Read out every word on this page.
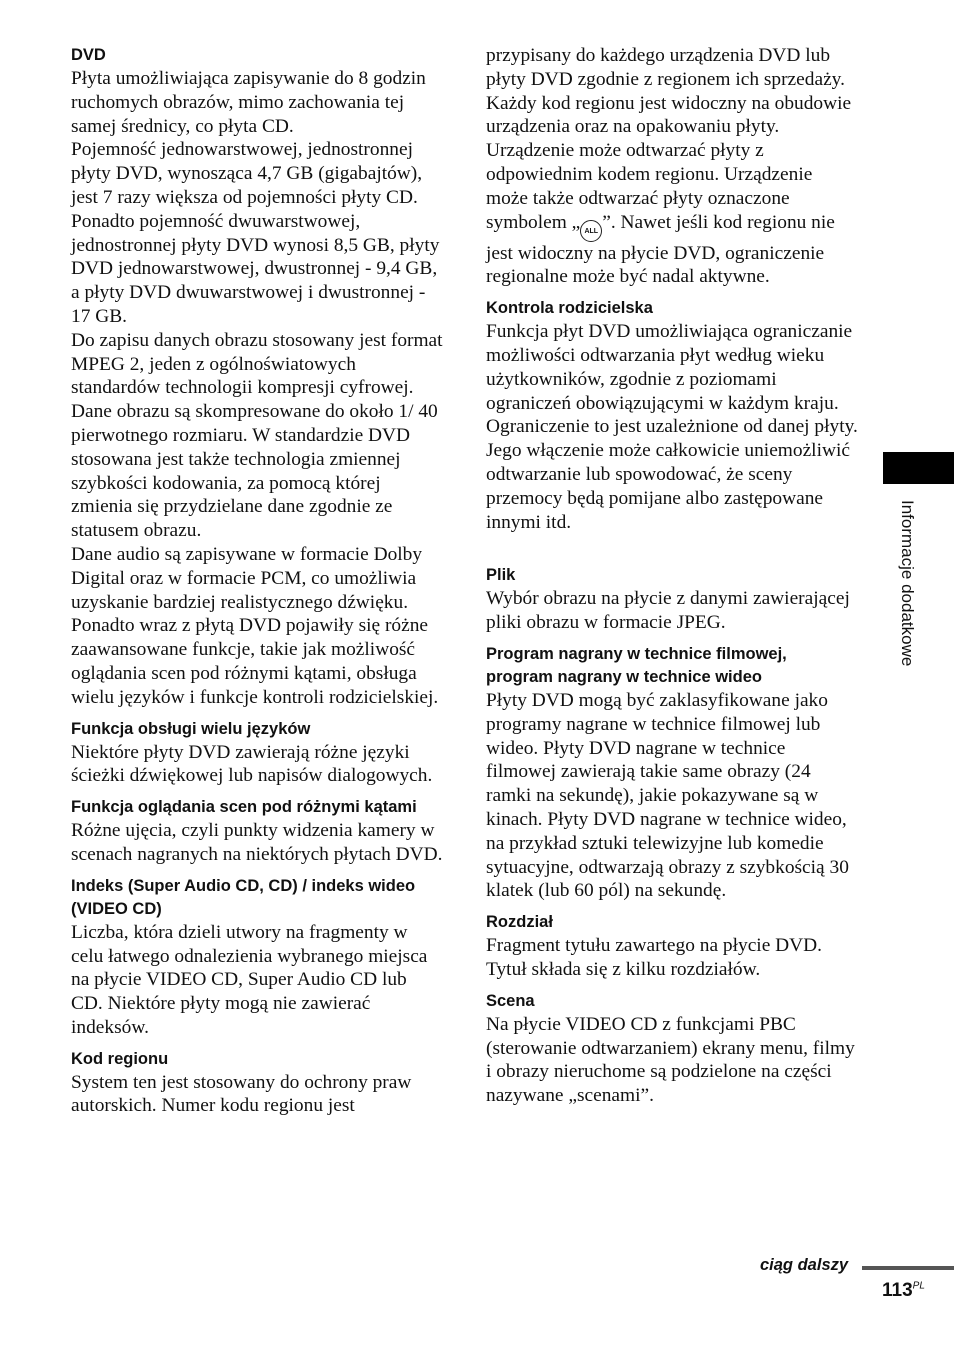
DVD

Płyta umożliwiająca zapisywanie do 8 godzin ruchomych obrazów, mimo zachowania tej samej średnicy, co płyta CD.

Pojemność jednowarstwowej, jednostronnej płyty DVD, wynosząca 4,7 GB (gigabajtów), jest 7 razy większa od pojemności płyty CD. Ponadto pojemność dwuwarstwowej, jednostronnej płyty DVD wynosi 8,5 GB, płyty DVD jednowarstwowej, dwustronnej - 9,4 GB, a płyty DVD dwuwarstwowej i dwustronnej - 17 GB.

Do zapisu danych obrazu stosowany jest format MPEG 2, jeden z ogólnoświatowych standardów technologii kompresji cyfrowej. Dane obrazu są skompresowane do około 1/ 40 pierwotnego rozmiaru. W standardzie DVD stosowana jest także technologia zmiennej szybkości kodowania, za pomocą której zmienia się przydzielane dane zgodnie ze statusem obrazu.

Dane audio są zapisywane w formacie Dolby Digital oraz w formacie PCM, co umożliwia uzyskanie bardziej realistycznego dźwięku.

Ponadto wraz z płytą DVD pojawiły się różne zaawansowane funkcje, takie jak możliwość oglądania scen pod różnymi kątami, obsługa wielu języków i funkcje kontroli rodzicielskiej.

Funkcja obsługi wielu języków

Niektóre płyty DVD zawierają różne języki ścieżki dźwiękowej lub napisów dialogowych.

Funkcja oglądania scen pod różnymi kątami

Różne ujęcia, czyli punkty widzenia kamery w scenach nagranych na niektórych płytach DVD.

Indeks (Super Audio CD, CD) / indeks wideo (VIDEO CD)

Liczba, która dzieli utwory na fragmenty w celu łatwego odnalezienia wybranego miejsca na płycie VIDEO CD, Super Audio CD lub CD. Niektóre płyty mogą nie zawierać indeksów.

Kod regionu

System ten jest stosowany do ochrony praw autorskich. Numer kodu regionu jest

przypisany do każdego urządzenia DVD lub płyty DVD zgodnie z regionem ich sprzedaży. Każdy kod regionu jest widoczny na obudowie urządzenia oraz na opakowaniu płyty. Urządzenie może odtwarzać płyty z odpowiednim kodem regionu. Urządzenie może także odtwarzać płyty oznaczone symbolem „ ALL ”. Nawet jeśli kod regionu nie jest widoczny na płycie DVD, ograniczenie regionalne może być nadal aktywne.

Kontrola rodzicielska

Funkcja płyt DVD umożliwiająca ograniczanie możliwości odtwarzania płyt według wieku użytkowników, zgodnie z poziomami ograniczeń obowiązującymi w każdym kraju. Ograniczenie to jest uzależnione od danej płyty. Jego włączenie może całkowicie uniemożliwić odtwarzanie lub spowodować, że sceny przemocy będą pomijane albo zastępowane innymi itd.

Plik

Wybór obrazu na płycie z danymi zawierającej pliki obrazu w formacie JPEG.

Program nagrany w technice filmowej, program nagrany w technice wideo

Płyty DVD mogą być zaklasyfikowane jako programy nagrane w technice filmowej lub wideo. Płyty DVD nagrane w technice filmowej zawierają takie same obrazy (24 ramki na sekundę), jakie pokazywane są w kinach. Płyty DVD nagrane w technice wideo, na przykład sztuki telewizyjne lub komedie sytuacyjne, odtwarzają obrazy z szybkością 30 klatek (lub 60 pól) na sekundę.

Rozdział

Fragment tytułu zawartego na płycie DVD. Tytuł składa się z kilku rozdziałów.

Scena

Na płycie VIDEO CD z funkcjami PBC (sterowanie odtwarzaniem) ekrany menu, filmy i obrazy nieruchome są podzielone na części nazywane „scenami”.

Informacje dodatkowe
ciąg dalszy
$113^{PL}$
